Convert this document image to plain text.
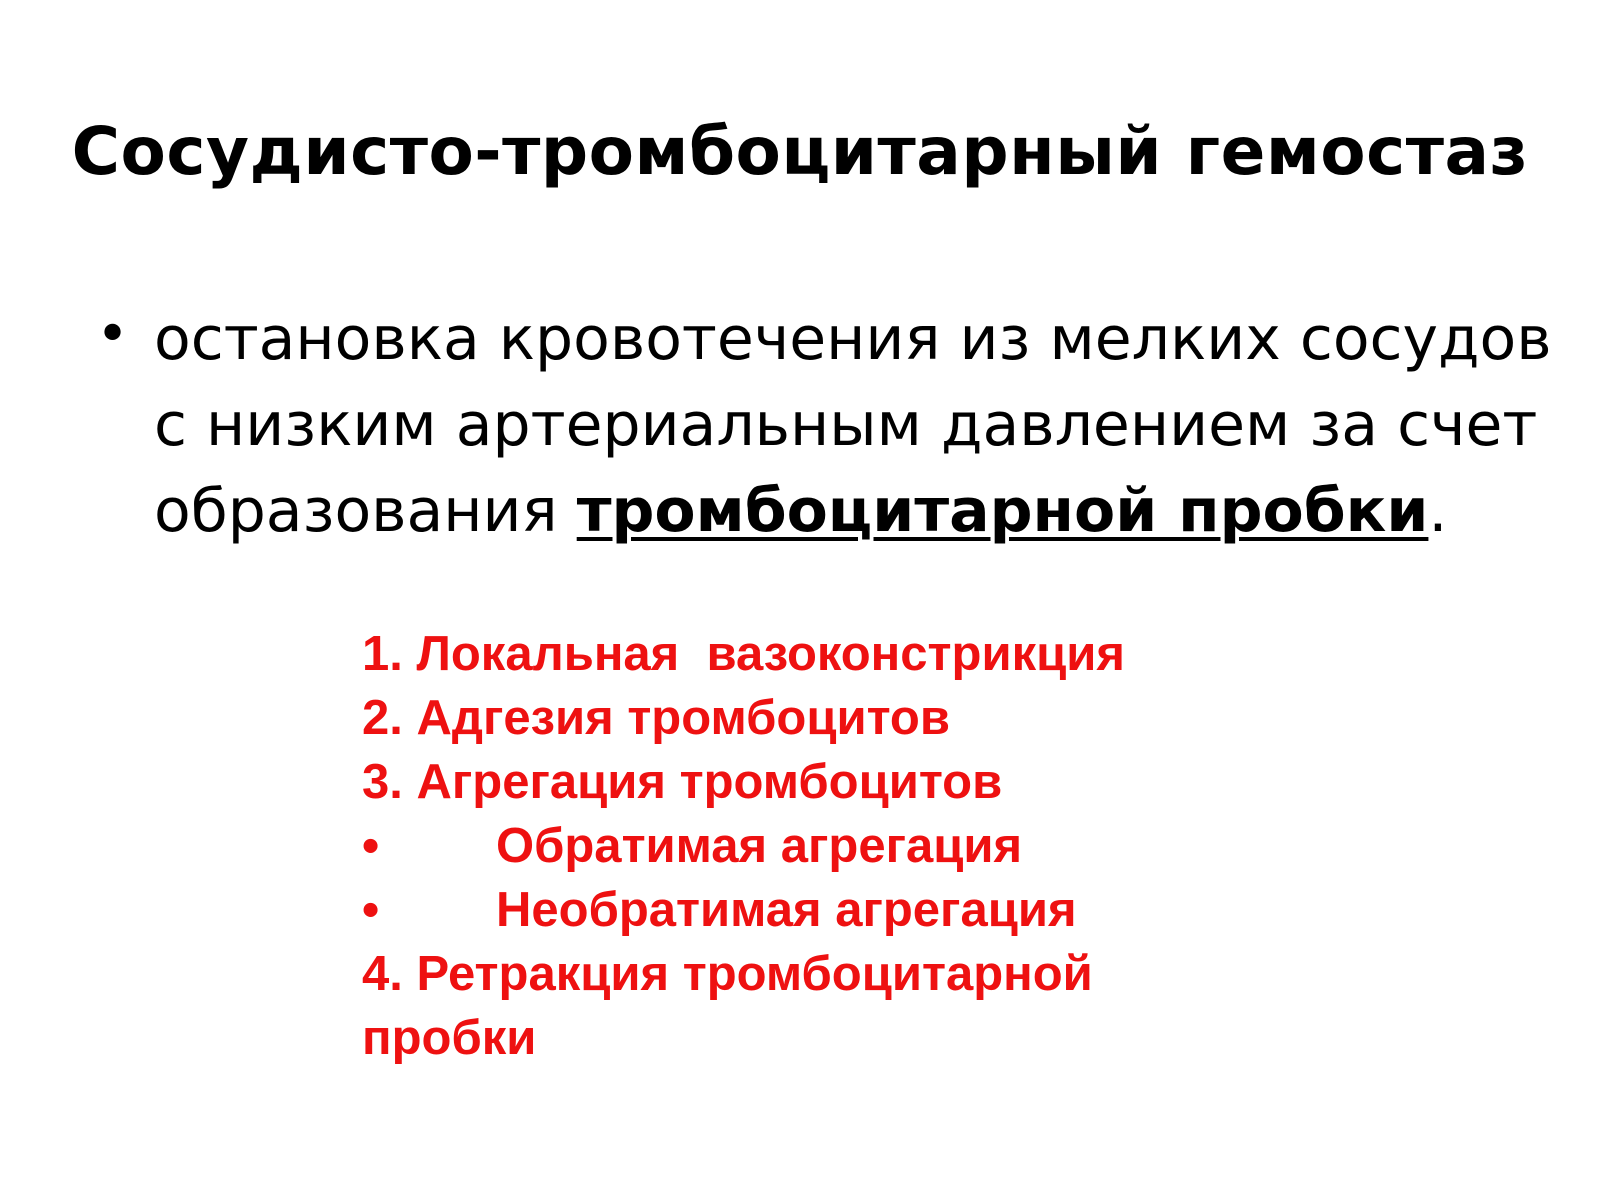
Сосудисто-тромбоцитарный гемостаз
• остановка кровотечения из мелких сосудов
с низким артериальным давлением за счет
образования тромбоцитарной пробки.
1. Локальная  вазоконстрикция
2. Адгезия тромбоцитов
3. Агрегация тромбоцитов
• Обратимая агрегация
• Необратимая агрегация
4. Ретракция тромбоцитарной
пробки
